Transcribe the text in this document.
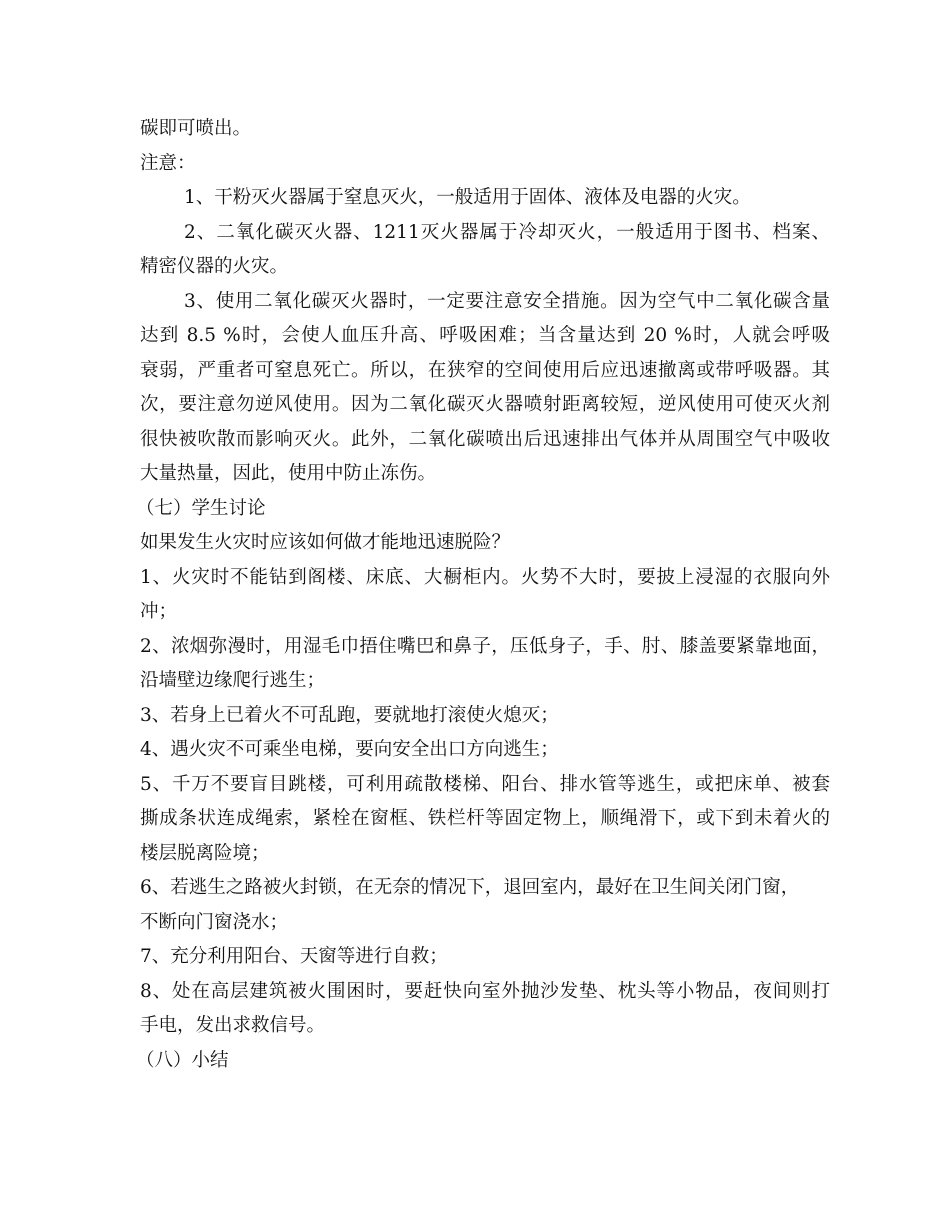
碳即可喷出。
注意：
1、干粉灭火器属于窒息灭火，一般适用于固体、液体及电器的火灾。
2、二氧化碳灭火器、1211灭火器属于冷却灭火，一般适用于图书、档案、
精密仪器的火灾。
3、使用二氧化碳灭火器时，一定要注意安全措施。因为空气中二氧化碳含量
达到 8.5 %时，会使人血压升高、呼吸困难；当含量达到 20 %时，人就会呼吸
衰弱，严重者可窒息死亡。所以，在狭窄的空间使用后应迅速撤离或带呼吸器。其
次，要注意勿逆风使用。因为二氧化碳灭火器喷射距离较短，逆风使用可使灭火剂
很快被吹散而影响灭火。此外，二氧化碳喷出后迅速排出气体并从周围空气中吸收
大量热量，因此，使用中防止冻伤。
（七）学生讨论
如果发生火灾时应该如何做才能地迅速脱险？
1、火灾时不能钻到阁楼、床底、大橱柜内。火势不大时，要披上浸湿的衣服向外
冲；
2、浓烟弥漫时，用湿毛巾捂住嘴巴和鼻子，压低身子，手、肘、膝盖要紧靠地面，
沿墙壁边缘爬行逃生；
3、若身上已着火不可乱跑，要就地打滚使火熄灭；
4、遇火灾不可乘坐电梯，要向安全出口方向逃生；
5、千万不要盲目跳楼，可利用疏散楼梯、阳台、排水管等逃生，或把床单、被套
撕成条状连成绳索，紧栓在窗框、铁栏杆等固定物上，顺绳滑下，或下到未着火的
楼层脱离险境；
6、若逃生之路被火封锁，在无奈的情况下，退回室内，最好在卫生间关闭门窗，
不断向门窗浇水；
7、充分利用阳台、天窗等进行自救；
8、处在高层建筑被火围困时，要赶快向室外抛沙发垫、枕头等小物品，夜间则打
手电，发出求救信号。
（八）小结
